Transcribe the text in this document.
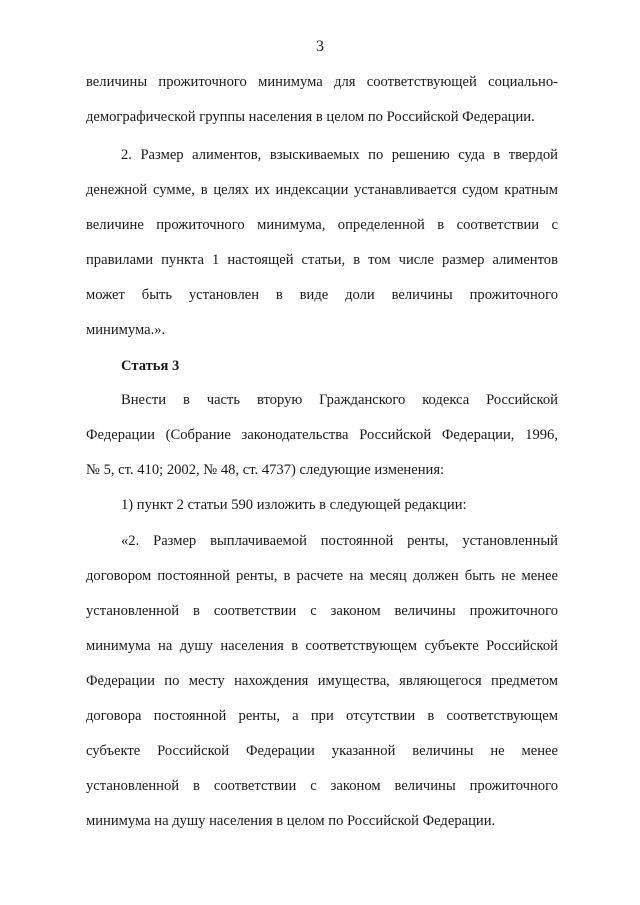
3
величины прожиточного минимума для соответствующей социально-
демографической группы населения в целом по Российской Федерации.
2. Размер алиментов, взыскиваемых по решению суда в твердой
денежной сумме, в целях их индексации устанавливается судом кратным
величине прожиточного минимума, определенной в соответствии с
правилами пункта 1 настоящей статьи, в том числе размер алиментов
может быть установлен в виде доли величины прожиточного
минимума.».
Статья 3
Внести в часть вторую Гражданского кодекса Российской
Федерации (Собрание законодательства Российской Федерации, 1996,
№ 5, ст. 410; 2002, № 48, ст. 4737) следующие изменения:
1) пункт 2 статьи 590 изложить в следующей редакции:
«2. Размер выплачиваемой постоянной ренты, установленный
договором постоянной ренты, в расчете на месяц должен быть не менее
установленной в соответствии с законом величины прожиточного
минимума на душу населения в соответствующем субъекте Российской
Федерации по месту нахождения имущества, являющегося предметом
договора постоянной ренты, а при отсутствии в соответствующем
субъекте Российской Федерации указанной величины не менее
установленной в соответствии с законом величины прожиточного
минимума на душу населения в целом по Российской Федерации.
